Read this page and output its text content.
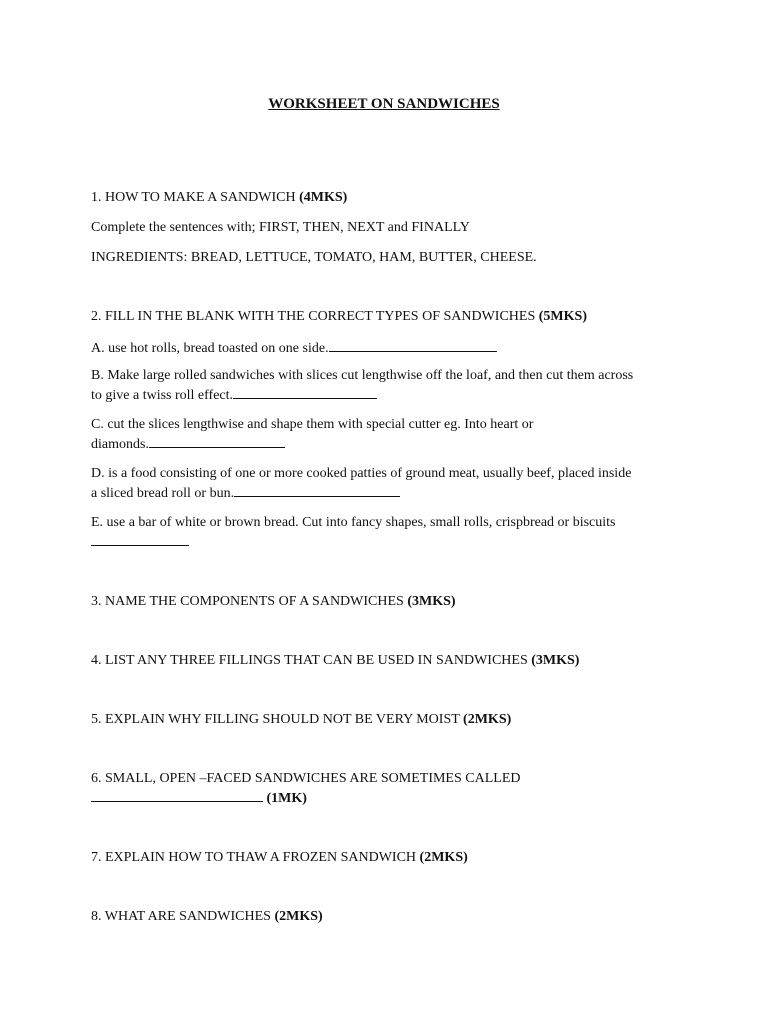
WORKSHEET ON SANDWICHES
1. HOW TO MAKE A SANDWICH (4MKS)
Complete the sentences with; FIRST, THEN, NEXT and FINALLY
INGREDIENTS: BREAD, LETTUCE, TOMATO, HAM, BUTTER, CHEESE.
2. FILL IN THE BLANK WITH THE CORRECT TYPES OF SANDWICHES (5MKS)
A. use hot rolls, bread toasted on one side.
B. Make large rolled sandwiches with slices cut lengthwise off the loaf, and then cut them across
to give a twiss roll effect.
C. cut the slices lengthwise and shape them with special cutter eg. Into heart or
diamonds.
D. is a food consisting of one or more cooked patties of ground meat, usually beef, placed inside
a sliced bread roll or bun.
E. use a bar of white or brown bread. Cut into fancy shapes, small rolls, crispbread or biscuits
3. NAME THE COMPONENTS OF A SANDWICHES (3MKS)
4. LIST ANY THREE FILLINGS THAT CAN BE USED IN SANDWICHES (3MKS)
5. EXPLAIN WHY FILLING SHOULD NOT BE VERY MOIST (2MKS)
6. SMALL, OPEN –FACED SANDWICHES ARE SOMETIMES CALLED
(1MK)
7. EXPLAIN HOW TO THAW A FROZEN SANDWICH (2MKS)
8. WHAT ARE SANDWICHES (2MKS)
